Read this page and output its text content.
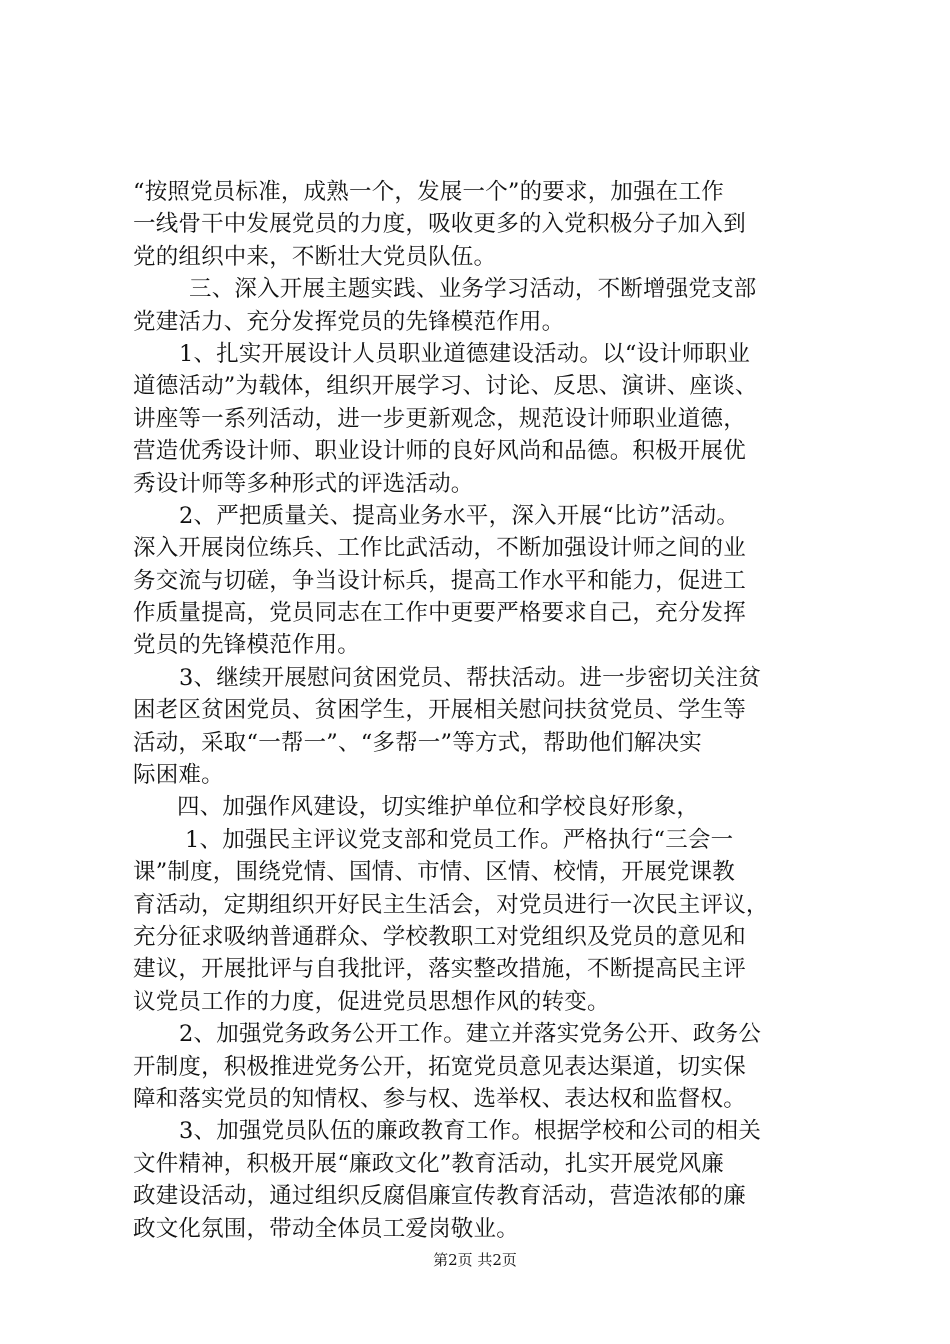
“按照党员标准，成熟一个，发展一个”的要求，加强在工作
一线骨干中发展党员的力度，吸收更多的入党积极分子加入到
党的组织中来，不断壮大党员队伍。
三、深入开展主题实践、业务学习活动，不断增强党支部
党建活力、充分发挥党员的先锋模范作用。
1、扎实开展设计人员职业道德建设活动。以“设计师职业
道德活动”为载体，组织开展学习、讨论、反思、演讲、座谈、
讲座等一系列活动，进一步更新观念，规范设计师职业道德，
营造优秀设计师、职业设计师的良好风尚和品德。积极开展优
秀设计师等多种形式的评选活动。
2、严把质量关、提高业务水平，深入开展“比访”活动。
深入开展岗位练兵、工作比武活动，不断加强设计师之间的业
务交流与切磋，争当设计标兵，提高工作水平和能力，促进工
作质量提高，党员同志在工作中更要严格要求自己，充分发挥
党员的先锋模范作用。
3、继续开展慰问贫困党员、帮扶活动。进一步密切关注贫
困老区贫困党员、贫困学生，开展相关慰问扶贫党员、学生等
活动，采取“一帮一”、“多帮一”等方式，帮助他们解决实
际困难。
四、加强作风建设，切实维护单位和学校良好形象，
1、加强民主评议党支部和党员工作。严格执行“三会一
课”制度，围绕党情、国情、市情、区情、校情，开展党课教
育活动，定期组织开好民主生活会，对党员进行一次民主评议，
充分征求吸纳普通群众、学校教职工对党组织及党员的意见和
建议，开展批评与自我批评，落实整改措施，不断提高民主评
议党员工作的力度，促进党员思想作风的转变。
2、加强党务政务公开工作。建立并落实党务公开、政务公
开制度，积极推进党务公开，拓宽党员意见表达渠道，切实保
障和落实党员的知情权、参与权、选举权、表达权和监督权。
3、加强党员队伍的廉政教育工作。根据学校和公司的相关
文件精神，积极开展“廉政文化”教育活动，扎实开展党风廉
政建设活动，通过组织反腐倡廉宣传教育活动，营造浓郁的廉
政文化氛围，带动全体员工爱岗敬业。
第2页 共2页
